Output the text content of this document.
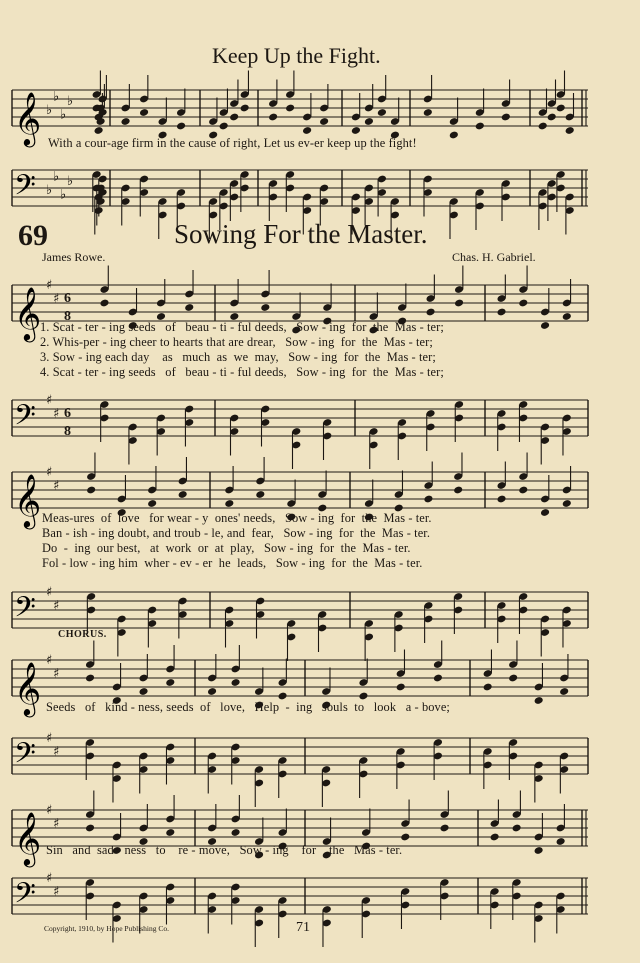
Keep Up the Fight.
69	Sowing For the Master.
James Rowe.	Chas. H. Gabriel.
𝄞 ♭
♭
♭
♭
With a cour-age firm in the cause of right, Let us ev-er keep up the fight!
𝄢 ♭
♭
♭
♭
𝄞
♯
♯ 6
8
1. Scat - ter - ing seeds   of   beau - ti - ful deeds,   Sow - ing  for  the  Mas - ter;
2. Whis-per - ing cheer to hearts that are drear,   Sow - ing  for  the  Mas - ter;
3. Sow - ing each day    as   much  as  we  may,   Sow - ing  for  the  Mas - ter;
4. Scat - ter - ing seeds   of   beau - ti - ful deeds,   Sow - ing  for  the  Mas - ter;
𝄢 ♯
♯ 6
8
𝄞
♯
♯
Meas-ures  of  love   for wear - y  ones' needs,   Sow - ing  for  the  Mas - ter.
Ban - ish - ing doubt, and troub - le, and  fear,   Sow - ing  for  the  Mas - ter.
Do  -  ing  our best,   at  work  or  at  play,   Sow - ing  for  the  Mas - ter.
Fol - low - ing him  wher - ev - er  he  leads,   Sow - ing  for  the  Mas - ter.
𝄢 ♯
♯
CHORUS.
𝄞
♯
♯
Seeds   of   kind - ness, seeds  of   love,   Help  -  ing   souls  to   look   a - bove;
𝄢 ♯
♯
𝄞
♯
♯
Sin   and  sad - ness   to    re - move,   Sow - ing    for    the   Mas - ter.
𝄢 ♯
♯
Copyright, 1910, by Hope Publishing Co.	71
